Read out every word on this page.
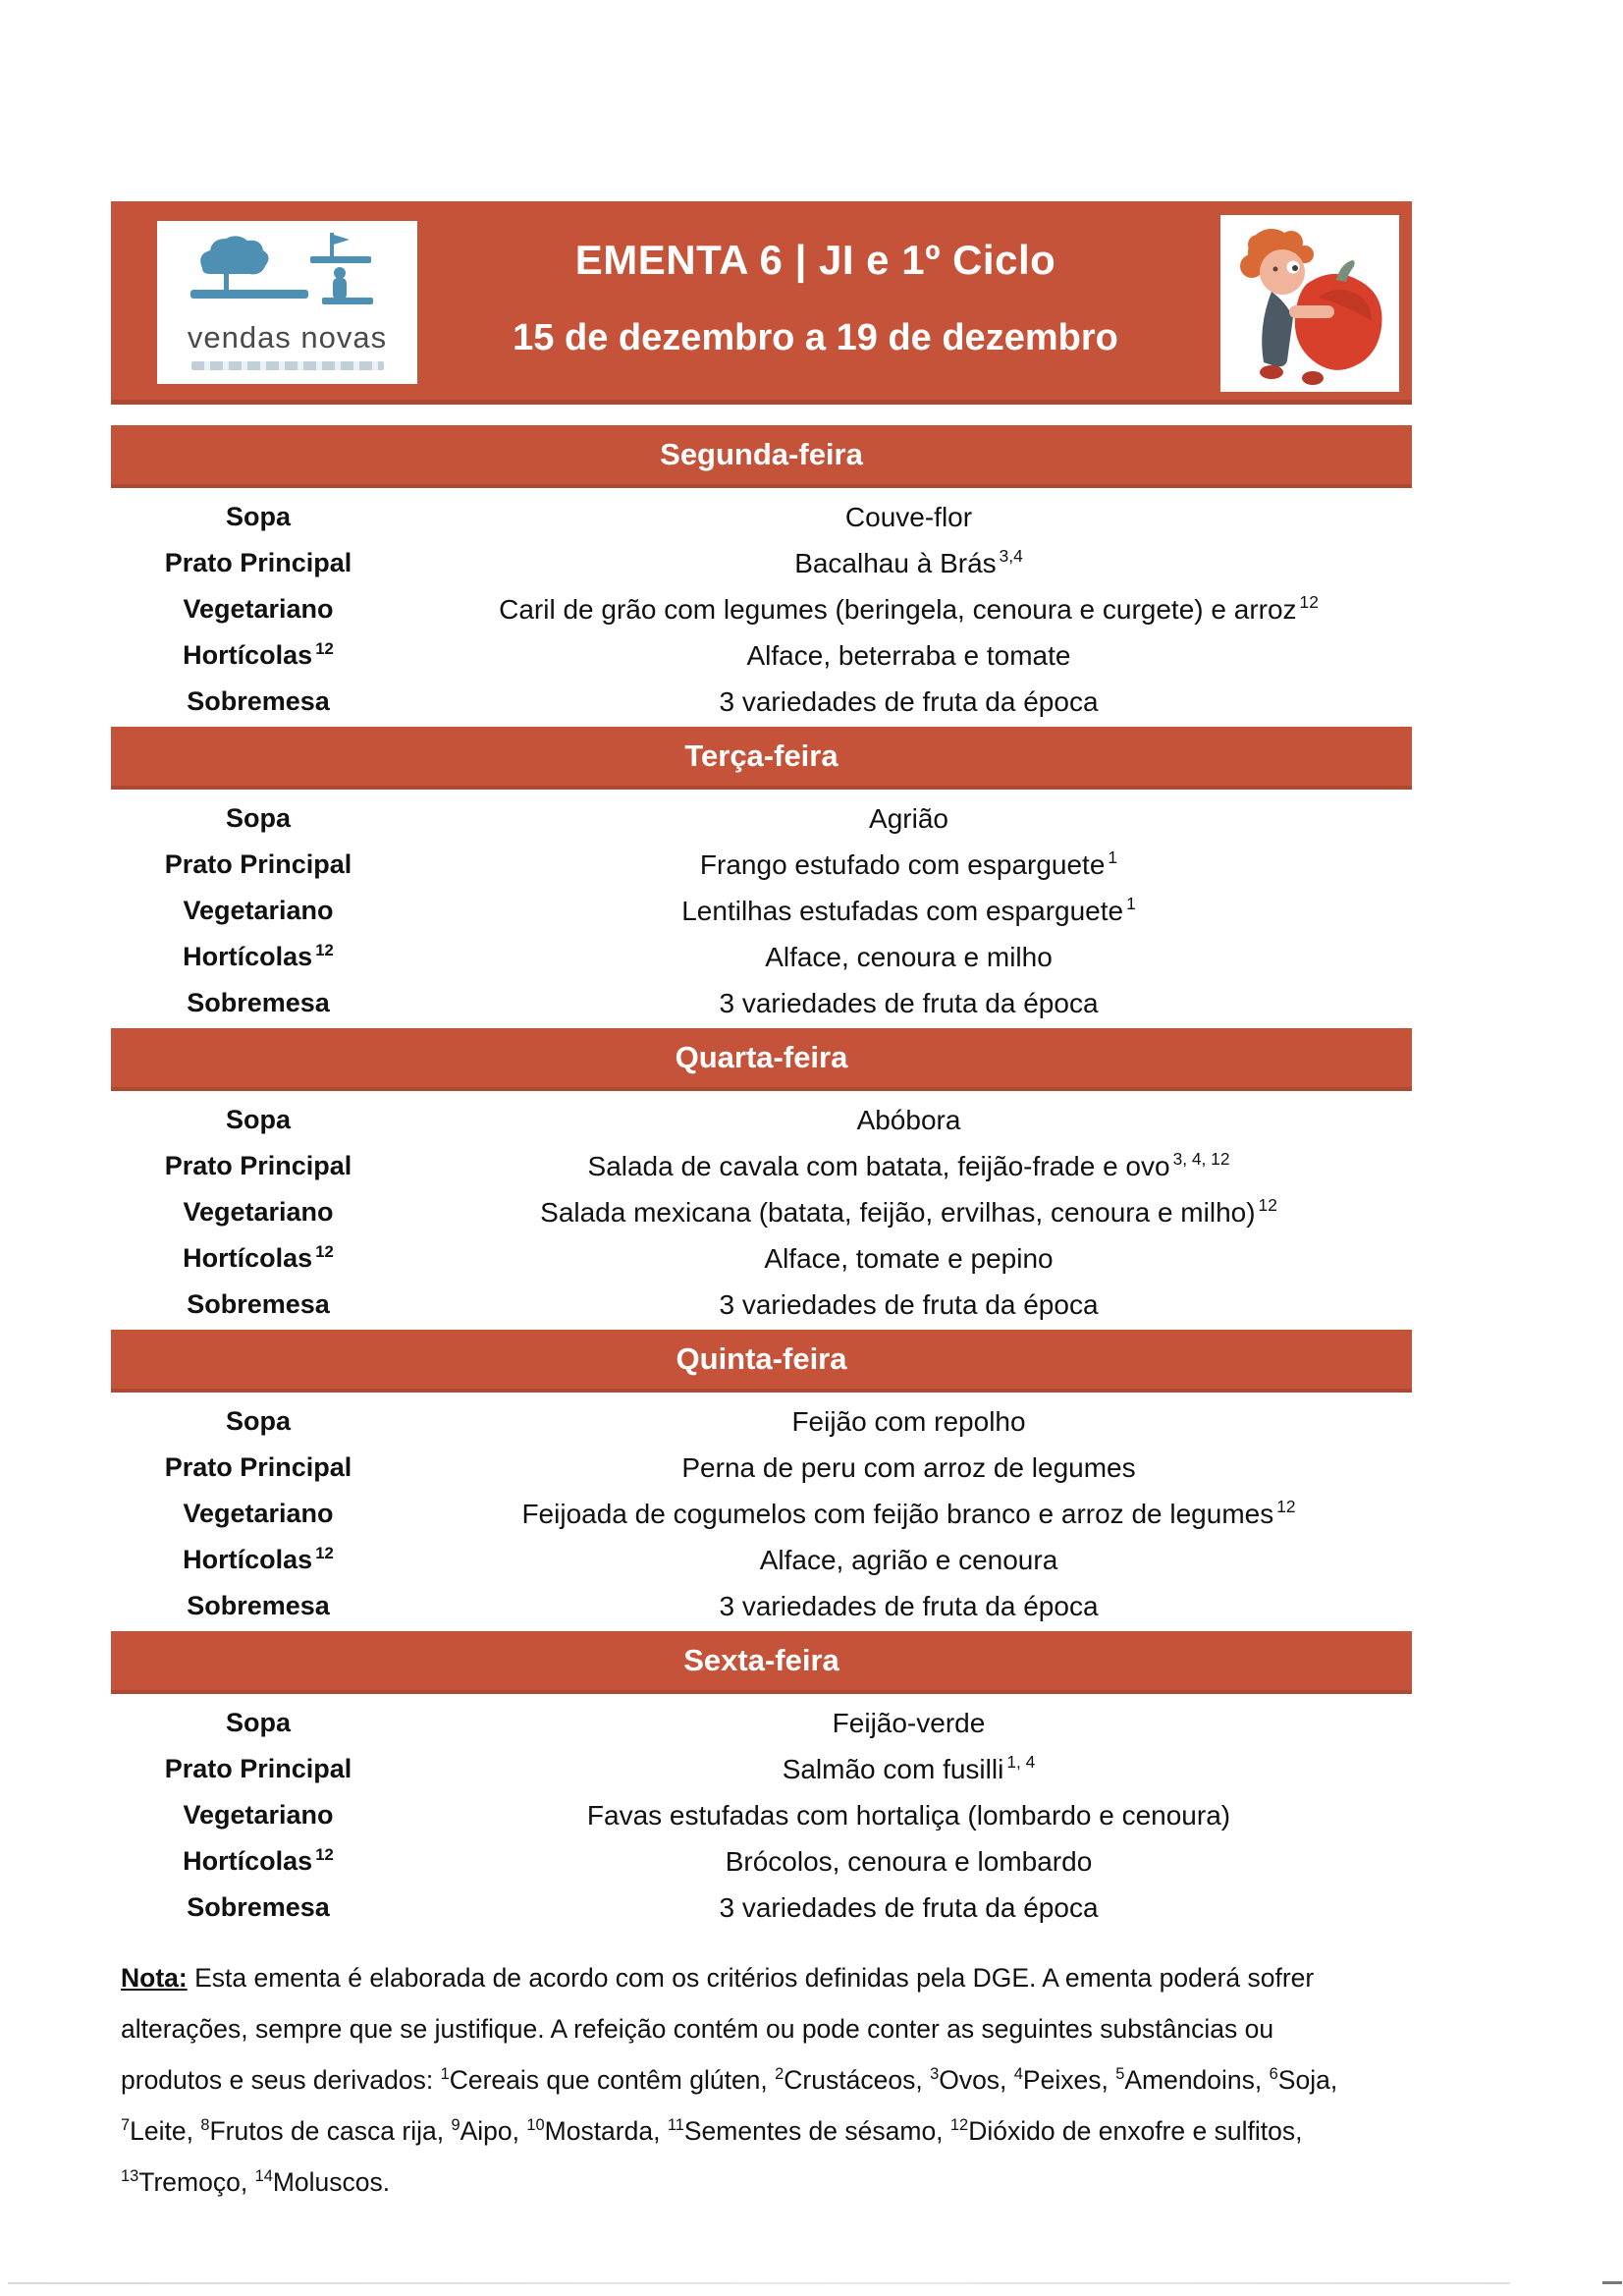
vendas novas
EMENTA 6 | JI e 1º Ciclo
15 de dezembro a 19 de dezembro
Segunda-feira
Sopa	Couve-flor
Prato Principal	Bacalhau à Brás $^{3,4}$
Vegetariano	Caril de grão com legumes (beringela, cenoura e curgete) e arroz $^{12}$
Hortícolas $^{12}$	Alface, beterraba e tomate
Sobremesa	3 variedades de fruta da época
Terça-feira
Sopa	Agrião
Prato Principal	Frango estufado com esparguete $^1$
Vegetariano	Lentilhas estufadas com esparguete $^1$
Hortícolas $^{12}$	Alface, cenoura e milho
Sobremesa	3 variedades de fruta da época
Quarta-feira
Sopa	Abóbora
Prato Principal	Salada de cavala com batata, feijão-frade e ovo $^{3, 4, 12}$
Vegetariano	Salada mexicana (batata, feijão, ervilhas, cenoura e milho) $^{12}$
Hortícolas $^{12}$	Alface, tomate e pepino
Sobremesa	3 variedades de fruta da época
Quinta-feira
Sopa	Feijão com repolho
Prato Principal	Perna de peru com arroz de legumes
Vegetariano	Feijoada de cogumelos com feijão branco e arroz de legumes $^{12}$
Hortícolas $^{12}$	Alface, agrião e cenoura
Sobremesa	3 variedades de fruta da época
Sexta-feira
Sopa	Feijão-verde
Prato Principal	Salmão com fusilli $^{1, 4}$
Vegetariano	Favas estufadas com hortaliça (lombardo e cenoura)
Hortícolas $^{12}$	Brócolos, cenoura e lombardo
Sobremesa	3 variedades de fruta da época
Nota: Esta ementa é elaborada de acordo com os critérios definidas pela DGE. A ementa poderá sofrer alterações, sempre que se justifique. A refeição contém ou pode conter as seguintes substâncias ou produtos e seus derivados: $^1$Cereais que contêm glúten, $^2$Crustáceos, $^3$Ovos, $^4$Peixes, $^5$Amendoins, $^6$Soja, $^7$Leite, $^8$Frutos de casca rija, $^9$Aipo, $^{10}$Mostarda, $^{11}$Sementes de sésamo, $^{12}$Dióxido de enxofre e sulfitos, $^{13}$Tremoço, $^{14}$Moluscos.
